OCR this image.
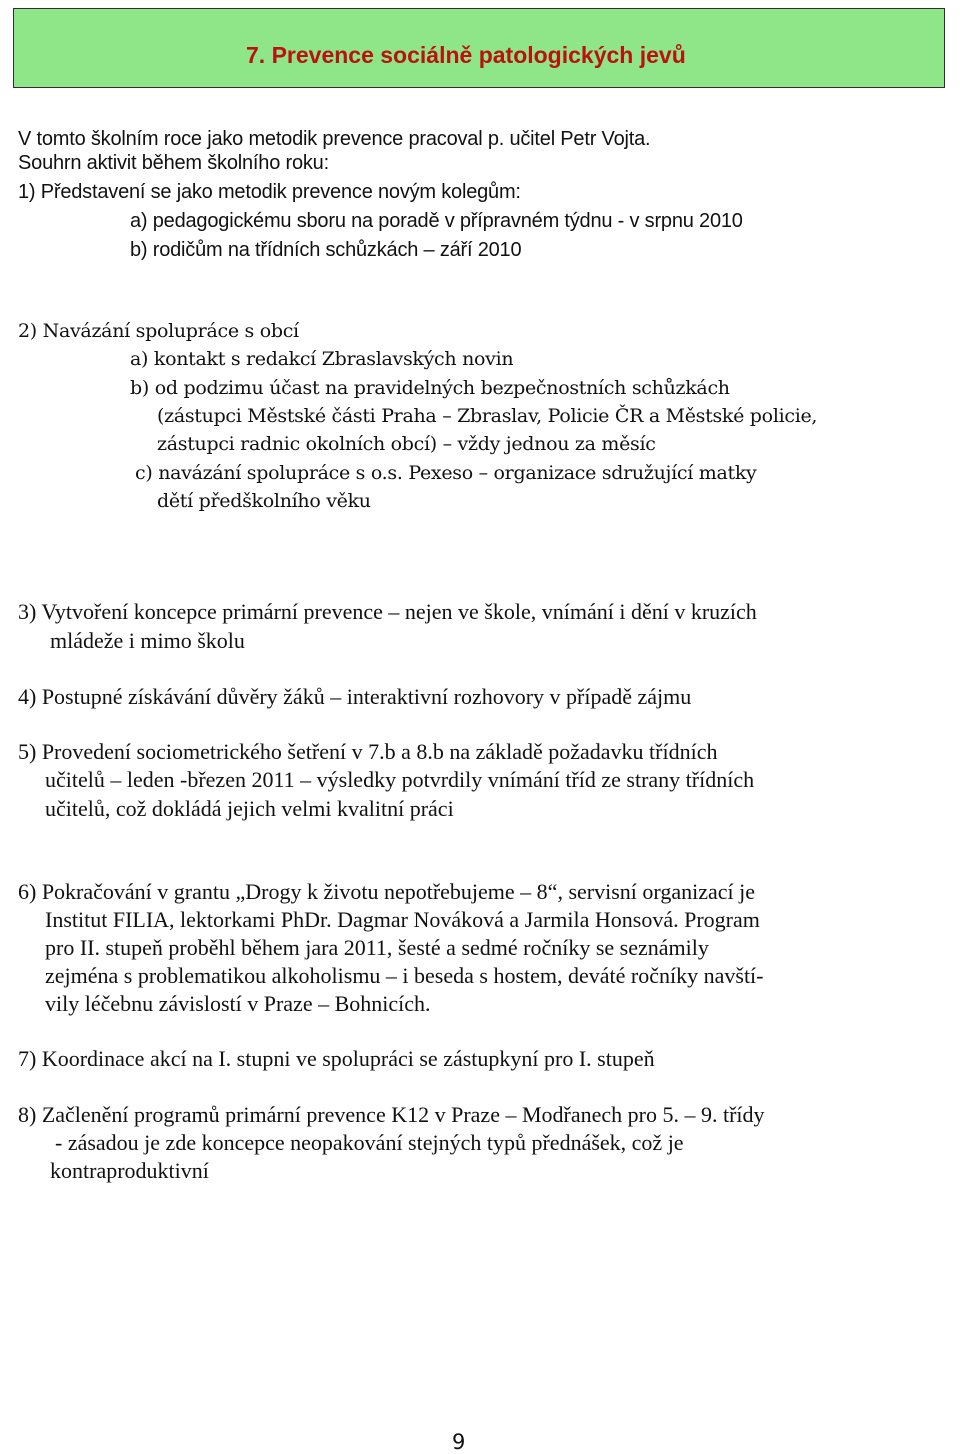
7. Prevence sociálně patologických jevů
V tomto školním roce jako metodik prevence pracoval p. učitel Petr Vojta.
Souhrn aktivit během školního roku:
1) Představení se jako metodik prevence novým kolegům:
a) pedagogickému sboru na poradě v přípravném týdnu - v srpnu 2010
b) rodičům na třídních schůzkách – září 2010
2) Navázání spolupráce s obcí
a) kontakt s redakcí Zbraslavských novin
b) od podzimu účast na pravidelných bezpečnostních schůzkách
(zástupci Městské části Praha – Zbraslav, Policie ČR a Městské policie,
zástupci radnic okolních obcí) – vždy jednou za měsíc
c) navázání spolupráce s o.s. Pexeso – organizace sdružující matky
dětí předškolního věku
3) Vytvoření koncepce primární prevence – nejen ve škole, vnímání i dění v kruzích
mládeže i mimo školu
4) Postupné získávání důvěry žáků – interaktivní rozhovory v případě zájmu
5) Provedení sociometrického šetření v 7.b a 8.b na základě požadavku třídních
učitelů – leden -březen 2011 – výsledky potvrdily vnímání tříd ze strany třídních
učitelů, což dokládá jejich velmi kvalitní práci
6) Pokračování v grantu „Drogy k životu nepotřebujeme – 8“, servisní organizací je
Institut FILIA, lektorkami PhDr. Dagmar Nováková a Jarmila Honsová. Program
pro II. stupeň proběhl během jara 2011, šesté a sedmé ročníky se seznámily
zejména s problematikou alkoholismu – i beseda s hostem, deváté ročníky navští-
vily léčebnu závislostí v Praze – Bohnicích.
7) Koordinace akcí na I. stupni ve spolupráci se zástupkyní pro I. stupeň
8) Začlenění programů primární prevence K12 v Praze – Modřanech pro 5. – 9. třídy
- zásadou je zde koncepce neopakování stejných typů přednášek, což je
kontraproduktivní
9
